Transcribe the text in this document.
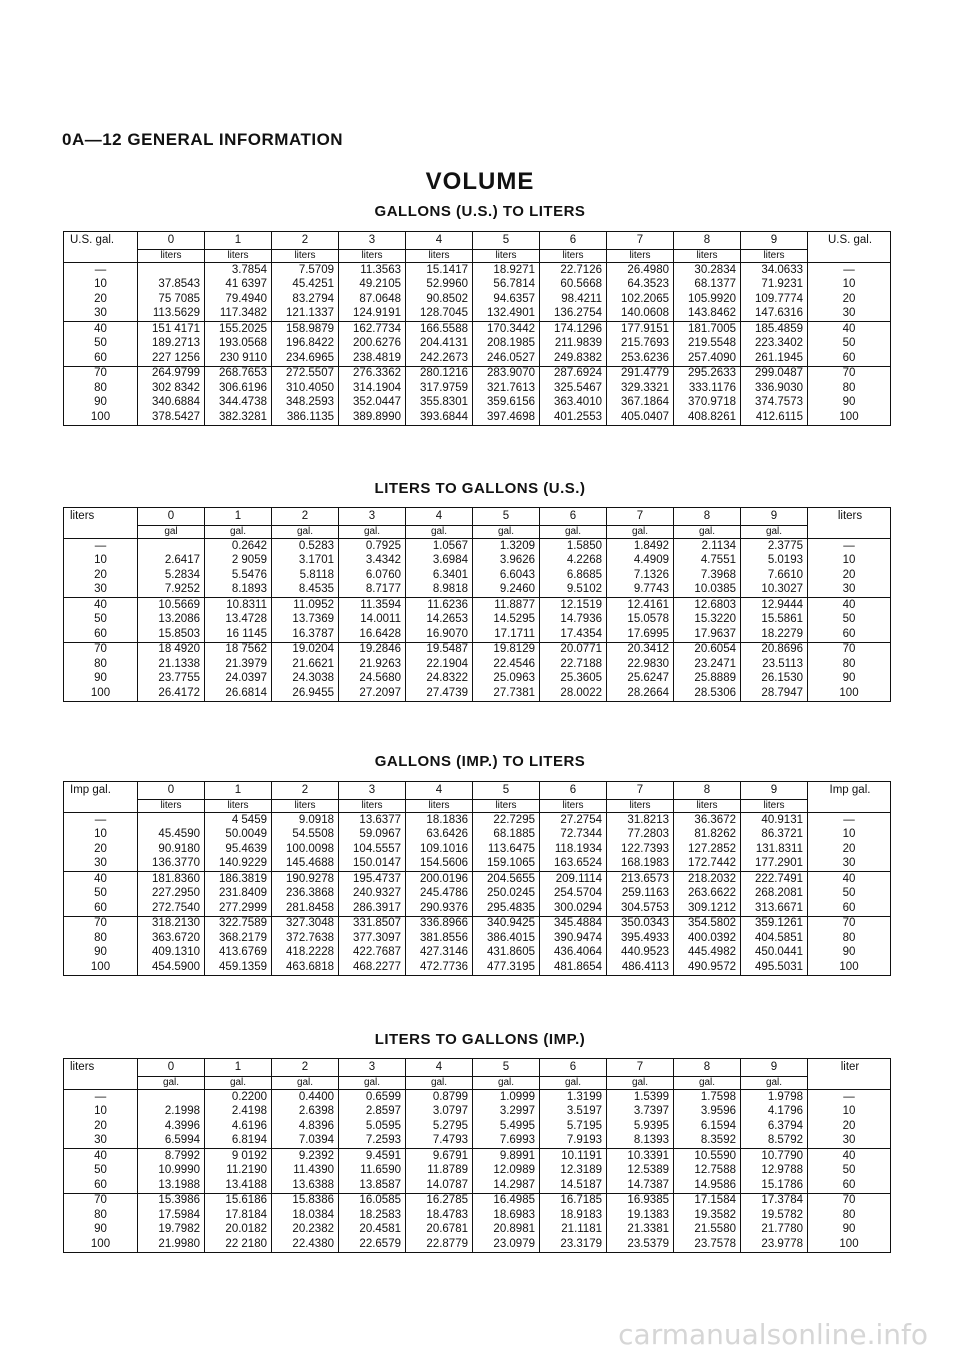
0A—12 GENERAL INFORMATION
VOLUME
GALLONS (U.S.) TO LITERS
U.S. gal.	0	1	2	3	4	5	6	7	8	9	U.S. gal.
	liters	liters	liters	liters	liters	liters	liters	liters	liters	liters	
—		3.7854	7.5709	11.3563	15.1417	18.9271	22.7126	26.4980	30.2834	34.0633	—
10	37.8543	41 6397	45.4251	49.2105	52.9960	56.7814	60.5668	64.3523	68.1377	71.9231	10
20	75 7085	79.4940	83.2794	87.0648	90.8502	94.6357	98.4211	102.2065	105.9920	109.7774	20
30	113.5629	117.3482	121.1337	124.9191	128.7045	132.4901	136.2754	140.0608	143.8462	147.6316	30
40	151 4171	155.2025	158.9879	162.7734	166.5588	170.3442	174.1296	177.9151	181.7005	185.4859	40
50	189.2713	193.0568	196.8422	200.6276	204.4131	208.1985	211.9839	215.7693	219.5548	223.3402	50
60	227 1256	230 9110	234.6965	238.4819	242.2673	246.0527	249.8382	253.6236	257.4090	261.1945	60
70	264.9799	268.7653	272.5507	276.3362	280.1216	283.9070	287.6924	291.4779	295.2633	299.0487	70
80	302 8342	306.6196	310.4050	314.1904	317.9759	321.7613	325.5467	329.3321	333.1176	336.9030	80
90	340.6884	344.4738	348.2593	352.0447	355.8301	359.6156	363.4010	367.1864	370.9718	374.7573	90
100	378.5427	382.3281	386.1135	389.8990	393.6844	397.4698	401.2553	405.0407	408.8261	412.6115	100
LITERS TO GALLONS (U.S.)
liters	0	1	2	3	4	5	6	7	8	9	liters
	gal	gal.	gal.	gal.	gal.	gal.	gal.	gal.	gal.	gal.	
—		0.2642	0.5283	0.7925	1.0567	1.3209	1.5850	1.8492	2.1134	2.3775	—
10	2.6417	2 9059	3.1701	3.4342	3.6984	3.9626	4.2268	4.4909	4.7551	5.0193	10
20	5.2834	5.5476	5.8118	6.0760	6.3401	6.6043	6.8685	7.1326	7.3968	7.6610	20
30	7.9252	8.1893	8.4535	8.7177	8.9818	9.2460	9.5102	9.7743	10.0385	10.3027	30
40	10.5669	10.8311	11.0952	11.3594	11.6236	11.8877	12.1519	12.4161	12.6803	12.9444	40
50	13.2086	13.4728	13.7369	14.0011	14.2653	14.5295	14.7936	15.0578	15.3220	15.5861	50
60	15.8503	16 1145	16.3787	16.6428	16.9070	17.1711	17.4354	17.6995	17.9637	18.2279	60
70	18 4920	18 7562	19.0204	19.2846	19.5487	19.8129	20.0771	20.3412	20.6054	20.8696	70
80	21.1338	21.3979	21.6621	21.9263	22.1904	22.4546	22.7188	22.9830	23.2471	23.5113	80
90	23.7755	24.0397	24.3038	24.5680	24.8322	25.0963	25.3605	25.6247	25.8889	26.1530	90
100	26.4172	26.6814	26.9455	27.2097	27.4739	27.7381	28.0022	28.2664	28.5306	28.7947	100
GALLONS (IMP.) TO LITERS
Imp gal.	0	1	2	3	4	5	6	7	8	9	Imp gal.
	liters	liters	liters	liters	liters	liters	liters	liters	liters	liters	
—		4 5459	9.0918	13.6377	18.1836	22.7295	27.2754	31.8213	36.3672	40.9131	—
10	45.4590	50.0049	54.5508	59.0967	63.6426	68.1885	72.7344	77.2803	81.8262	86.3721	10
20	90.9180	95.4639	100.0098	104.5557	109.1016	113.6475	118.1934	122.7393	127.2852	131.8311	20
30	136.3770	140.9229	145.4688	150.0147	154.5606	159.1065	163.6524	168.1983	172.7442	177.2901	30
40	181.8360	186.3819	190.9278	195.4737	200.0196	204.5655	209.1114	213.6573	218.2032	222.7491	40
50	227.2950	231.8409	236.3868	240.9327	245.4786	250.0245	254.5704	259.1163	263.6622	268.2081	50
60	272.7540	277.2999	281.8458	286.3917	290.9376	295.4835	300.0294	304.5753	309.1212	313.6671	60
70	318.2130	322.7589	327.3048	331.8507	336.8966	340.9425	345.4884	350.0343	354.5802	359.1261	70
80	363.6720	368.2179	372.7638	377.3097	381.8556	386.4015	390.9474	395.4933	400.0392	404.5851	80
90	409.1310	413.6769	418.2228	422.7687	427.3146	431.8605	436.4064	440.9523	445.4982	450.0441	90
100	454.5900	459.1359	463.6818	468.2277	472.7736	477.3195	481.8654	486.4113	490.9572	495.5031	100
LITERS TO GALLONS (IMP.)
liters	0	1	2	3	4	5	6	7	8	9	liter
	gal.	gal.	gal.	gal.	gal.	gal.	gal.	gal.	gal.	gal.	
—		0.2200	0.4400	0.6599	0.8799	1.0999	1.3199	1.5399	1.7598	1.9798	—
10	2.1998	2.4198	2.6398	2.8597	3.0797	3.2997	3.5197	3.7397	3.9596	4.1796	10
20	4.3996	4.6196	4.8396	5.0595	5.2795	5.4995	5.7195	5.9395	6.1594	6.3794	20
30	6.5994	6.8194	7.0394	7.2593	7.4793	7.6993	7.9193	8.1393	8.3592	8.5792	30
40	8.7992	9 0192	9.2392	9.4591	9.6791	9.8991	10.1191	10.3391	10.5590	10.7790	40
50	10.9990	11.2190	11.4390	11.6590	11.8789	12.0989	12.3189	12.5389	12.7588	12.9788	50
60	13.1988	13.4188	13.6388	13.8587	14.0787	14.2987	14.5187	14.7387	14.9586	15.1786	60
70	15.3986	15.6186	15.8386	16.0585	16.2785	16.4985	16.7185	16.9385	17.1584	17.3784	70
80	17.5984	17.8184	18.0384	18.2583	18.4783	18.6983	18.9183	19.1383	19.3582	19.5782	80
90	19.7982	20.0182	20.2382	20.4581	20.6781	20.8981	21.1181	21.3381	21.5580	21.7780	90
100	21.9980	22 2180	22.4380	22.6579	22.8779	23.0979	23.3179	23.5379	23.7578	23.9778	100
carmanualsonline.info
